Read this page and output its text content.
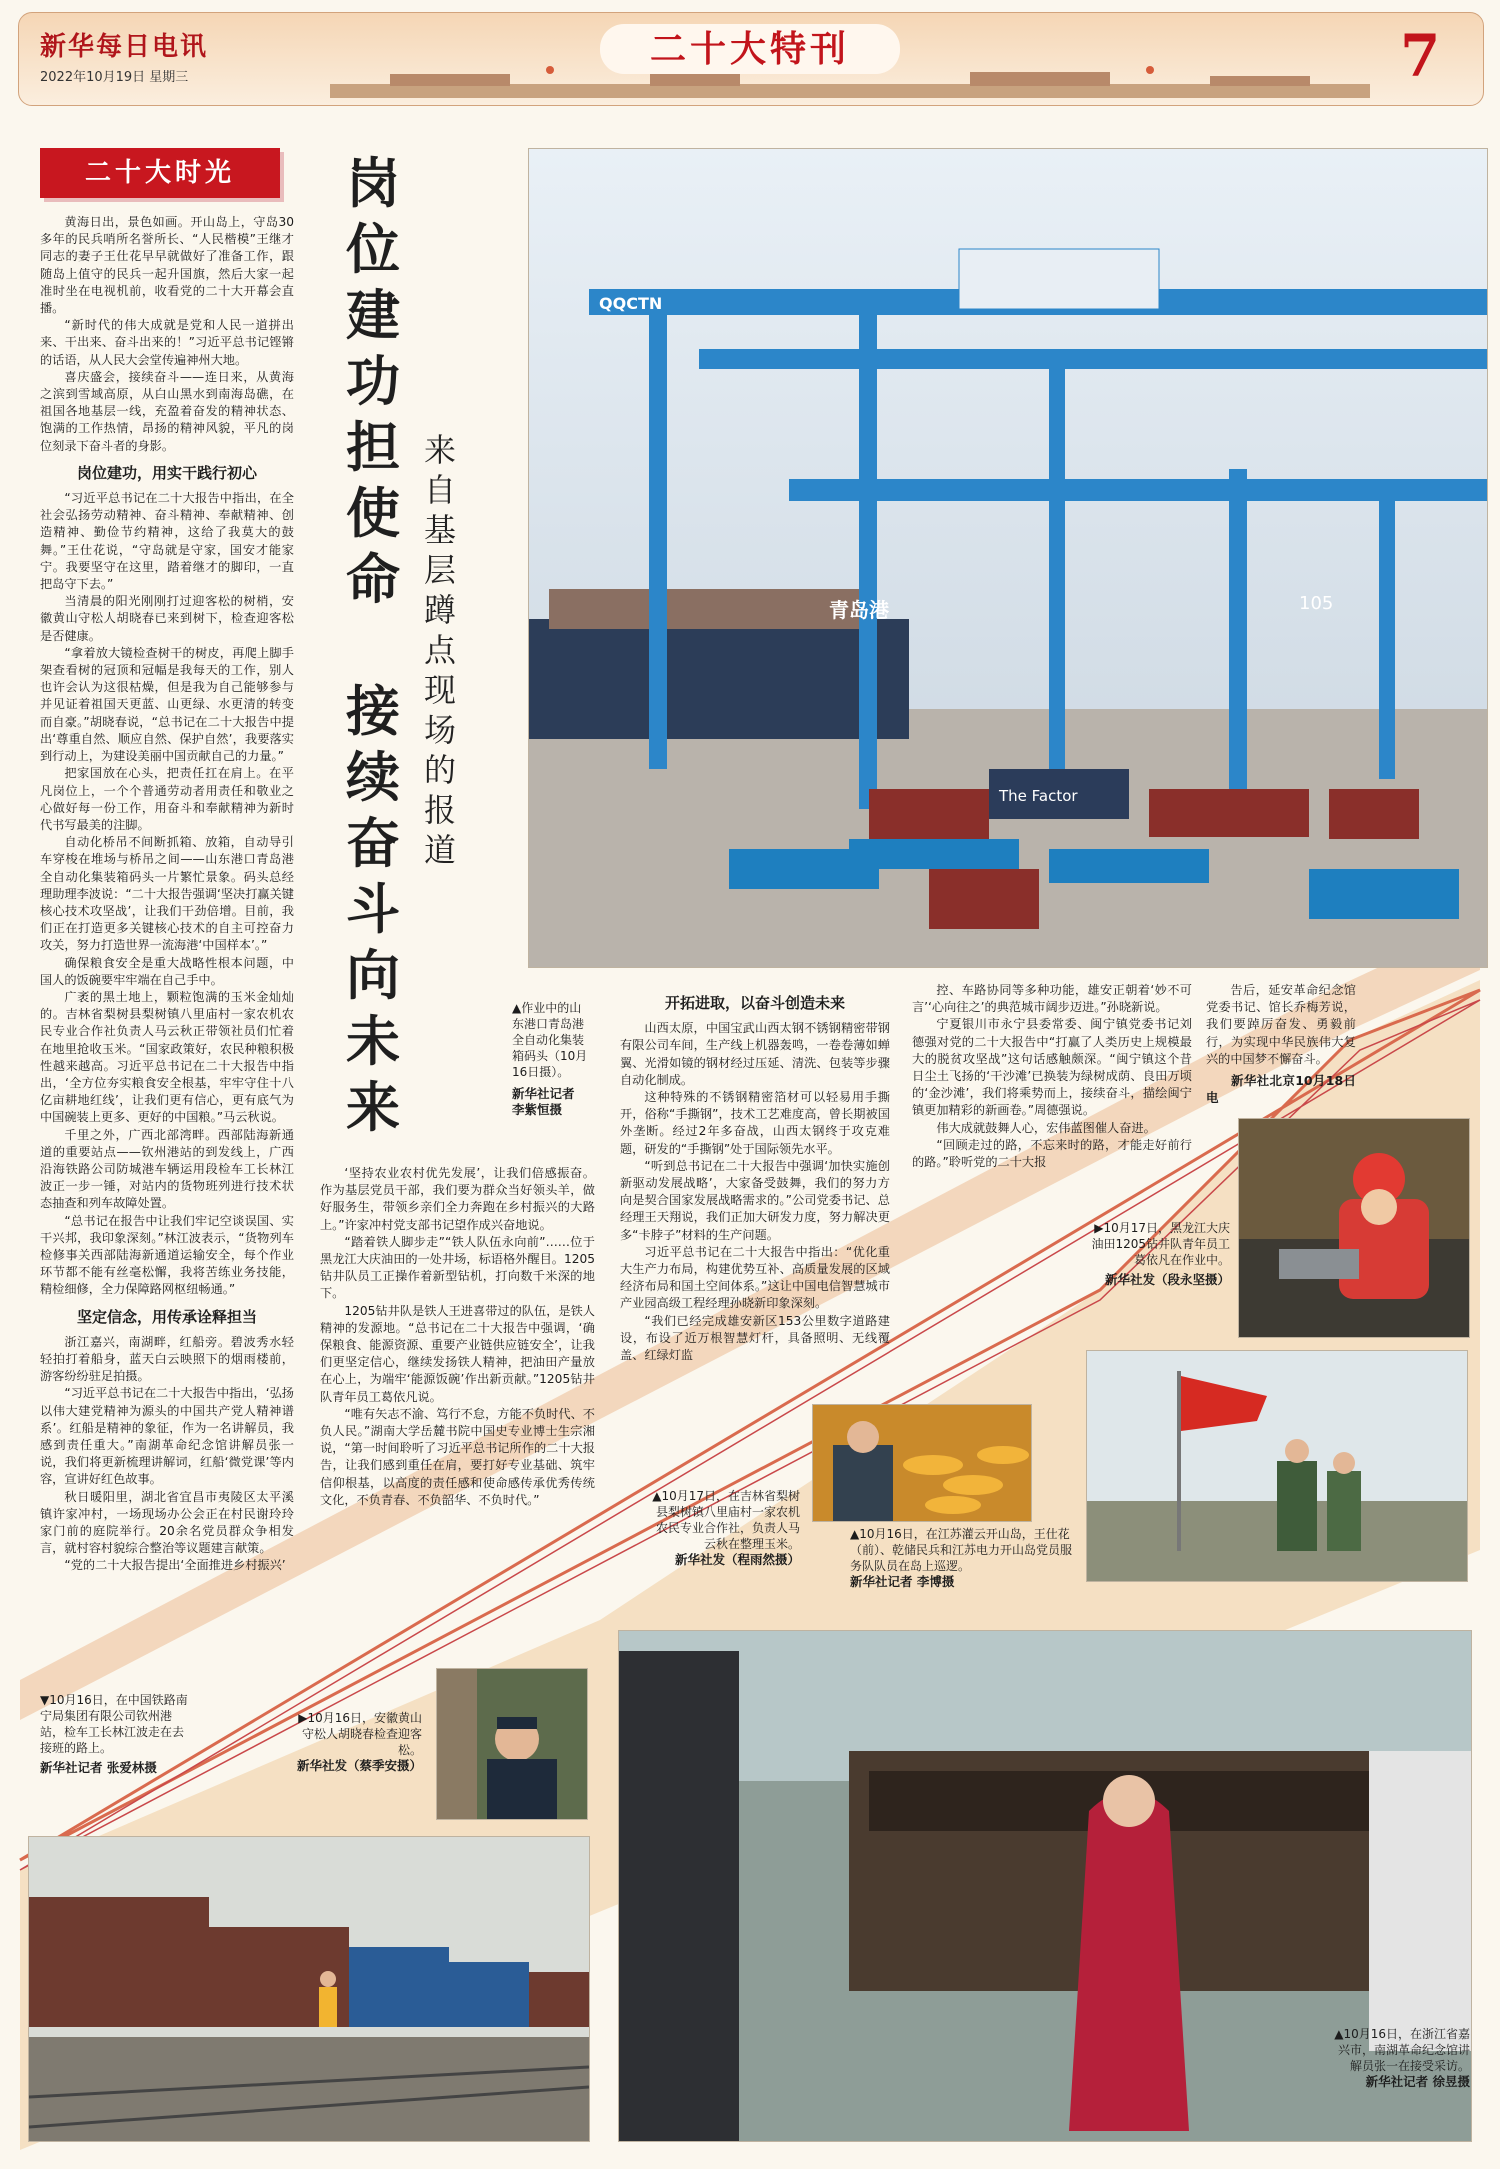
新华每日电讯
2022年10月19日 星期三
二十大特刊	7
二十大时光	岗
位
建
功
担
使
命

接
续
奋
斗
向
未
来
来
自
基
层
蹲
点
现
场
的
报
道
QQCTN
青岛港	105
The Factor
▲作业中的山东港口青岛港全自动化集装箱码头（10月16日摄）。
新华社记者 李紫恒摄

黄海日出，景色如画。开山岛上，守岛30多年的民兵哨所名誉所长、“人民楷模”王继才同志的妻子王仕花早早就做好了准备工作，跟随岛上值守的民兵一起升国旗，然后大家一起准时坐在电视机前，收看党的二十大开幕会直播。

“新时代的伟大成就是党和人民一道拼出来、干出来、奋斗出来的！”习近平总书记铿锵的话语，从人民大会堂传遍神州大地。

喜庆盛会，接续奋斗——连日来，从黄海之滨到雪域高原，从白山黑水到南海岛礁，在祖国各地基层一线，充盈着奋发的精神状态、饱满的工作热情，昂扬的精神风貌，平凡的岗位刻录下奋斗者的身影。

岗位建功，用实干践行初心

“习近平总书记在二十大报告中指出，在全社会弘扬劳动精神、奋斗精神、奉献精神、创造精神、勤俭节约精神，这给了我莫大的鼓舞。”王仕花说，“守岛就是守家，国安才能家宁。我要坚守在这里，踏着继才的脚印，一直把岛守下去。”

当清晨的阳光刚刚打过迎客松的树梢，安徽黄山守松人胡晓春已来到树下，检查迎客松是否健康。

“拿着放大镜检查树干的树皮，再爬上脚手架查看树的冠顶和冠幅是我每天的工作，别人也许会认为这很枯燥，但是我为自己能够参与并见证着祖国天更蓝、山更绿、水更清的转变而自豪。”胡晓春说，“总书记在二十大报告中提出‘尊重自然、顺应自然、保护自然’，我要落实到行动上，为建设美丽中国贡献自己的力量。”

把家国放在心头，把责任扛在肩上。在平凡岗位上，一个个普通劳动者用责任和敬业之心做好每一份工作，用奋斗和奉献精神为新时代书写最美的注脚。

自动化桥吊不间断抓箱、放箱，自动导引车穿梭在堆场与桥吊之间——山东港口青岛港全自动化集装箱码头一片繁忙景象。码头总经理助理李波说：“二十大报告强调‘坚决打赢关键核心技术攻坚战’，让我们干劲倍增。目前，我们正在打造更多关键核心技术的自主可控奋力攻关，努力打造世界一流海港‘中国样本’。”

确保粮食安全是重大战略性根本问题，中国人的饭碗要牢牢端在自己手中。

广袤的黑土地上，颗粒饱满的玉米金灿灿的。吉林省梨树县梨树镇八里庙村一家农机农民专业合作社负责人马云秋正带领社员们忙着在地里抢收玉米。“国家政策好，农民种粮积极性越来越高。习近平总书记在二十大报告中指出，‘全方位夯实粮食安全根基，牢牢守住十八亿亩耕地红线’，让我们更有信心，更有底气为中国碗装上更多、更好的中国粮。”马云秋说。

千里之外，广西北部湾畔。西部陆海新通道的重要站点——钦州港站的到发线上，广西沿海铁路公司防城港车辆运用段检车工长林江波正一步一锤，对站内的货物班列进行技术状态抽查和列车故障处置。

“总书记在报告中让我们牢记空谈误国、实干兴邦，我印象深刻。”林江波表示，“货物列车检修事关西部陆海新通道运输安全，每个作业环节都不能有丝毫松懈，我将苦练业务技能，精检细修，全力保障路网枢纽畅通。”

坚定信念，用传承诠释担当

浙江嘉兴，南湖畔，红船旁。碧波秀水轻轻拍打着船身，蓝天白云映照下的烟雨楼前，游客纷纷驻足拍摄。

“习近平总书记在二十大报告中指出，‘弘扬以伟大建党精神为源头的中国共产党人精神谱系’。红船是精神的象征，作为一名讲解员，我感到责任重大。”南湖革命纪念馆讲解员张一说，我们将更新梳理讲解词，红船‘微党课’等内容，宣讲好红色故事。

秋日暖阳里，湖北省宜昌市夷陵区太平溪镇许家冲村，一场现场办公会正在村民谢玲玲家门前的庭院举行。20余名党员群众争相发言，就村容村貌综合整治等议题建言献策。

“党的二十大报告提出‘全面推进乡村振兴’

‘坚持农业农村优先发展’，让我们倍感振奋。作为基层党员干部，我们要为群众当好领头羊，做好服务生，带领乡亲们全力奔跑在乡村振兴的大路上。”许家冲村党支部书记望作成兴奋地说。

“踏着铁人脚步走”“铁人队伍永向前”……位于黑龙江大庆油田的一处井场，标语格外醒目。1205钻井队员工正操作着新型钻机，打向数千米深的地下。

1205钻井队是铁人王进喜带过的队伍，是铁人精神的发源地。“总书记在二十大报告中强调，‘确保粮食、能源资源、重要产业链供应链安全’，让我们更坚定信心，继续发扬铁人精神，把油田产量放在心上，为端牢‘能源饭碗’作出新贡献。”1205钻井队青年员工葛依凡说。

“唯有矢志不渝、笃行不怠，方能不负时代、不负人民。”湖南大学岳麓书院中国史专业博士生宗湘说，“第一时间聆听了习近平总书记所作的二十大报告，让我们感到重任在肩，要打好专业基础、筑牢信仰根基，以高度的责任感和使命感传承优秀传统文化，不负青春、不负韶华、不负时代。”

开拓进取，以奋斗创造未来

山西太原，中国宝武山西太钢不锈钢精密带钢有限公司车间，生产线上机器轰鸣，一卷卷薄如蝉翼、光滑如镜的钢材经过压延、清洗、包装等步骤自动化制成。

这种特殊的不锈钢精密箔材可以轻易用手撕开，俗称“手撕钢”，技术工艺难度高，曾长期被国外垄断。经过2年多奋战，山西太钢终于攻克难题，研发的“手撕钢”处于国际领先水平。

“听到总书记在二十大报告中强调‘加快实施创新驱动发展战略’，大家备受鼓舞，我们的努力方向是契合国家发展战略需求的。”公司党委书记、总经理王天翔说，我们正加大研发力度，努力解决更多“卡脖子”材料的生产问题。

习近平总书记在二十大报告中指出：“优化重大生产力布局，构建优势互补、高质量发展的区域经济布局和国土空间体系。”这让中国电信智慧城市产业园高级工程经理孙晓新印象深刻。

“我们已经完成雄安新区153公里数字道路建设，布设了近万根智慧灯杆，具备照明、无线覆盖、红绿灯监

控、车路协同等多种功能，雄安正朝着‘妙不可言’‘心向往之’的典范城市阔步迈进。”孙晓新说。

宁夏银川市永宁县委常委、闽宁镇党委书记刘德强对党的二十大报告中“打赢了人类历史上规模最大的脱贫攻坚战”这句话感触颇深。“闽宁镇这个昔日尘土飞扬的‘干沙滩’已换装为绿树成荫、良田万顷的‘金沙滩’，我们将乘势而上，接续奋斗，描绘闽宁镇更加精彩的新画卷。”周德强说。

伟大成就鼓舞人心，宏伟蓝图催人奋进。

“回顾走过的路，不忘来时的路，才能走好前行的路。”聆听党的二十大报

告后，延安革命纪念馆党委书记、馆长乔梅芳说，我们要踔厉奋发、勇毅前行，为实现中华民族伟大复兴的中国梦不懈奋斗。

新华社北京10月18日电
▶10月17日，黑龙江大庆油田1205钻井队青年员工葛依凡在作业中。
新华社发（段永坚摄）
▲10月16日，在江苏灌云开山岛，王仕花（前）、乾储民兵和江苏电力开山岛党员服务队队员在岛上巡逻。
新华社记者 李博摄
▲10月17日，在吉林省梨树县梨树镇八里庙村一家农机农民专业合作社，负责人马云秋在整理玉米。
新华社发（程雨然摄）
▶10月16日，安徽黄山守松人胡晓春检查迎客松。
新华社发（蔡季安摄）
▼10月16日，在中国铁路南宁局集团有限公司钦州港站，检车工长林江波走在去接班的路上。
新华社记者 张爱林摄
▲10月16日，在浙江省嘉兴市，南湖革命纪念馆讲解员张一在接受采访。
新华社记者 徐昱摄
